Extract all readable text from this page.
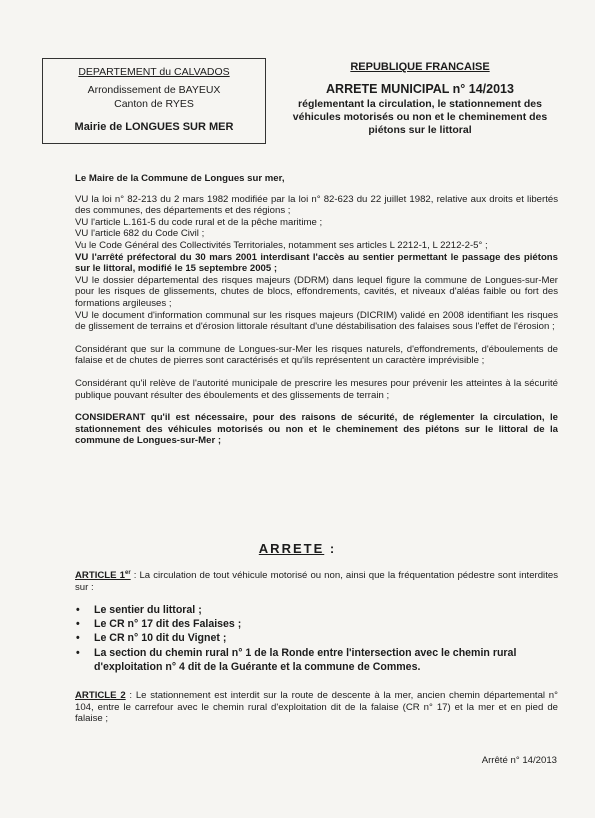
DEPARTEMENT du CALVADOS
Arrondissement de BAYEUX
Canton de RYES
Mairie de LONGUES SUR MER
REPUBLIQUE FRANCAISE
ARRETE MUNICIPAL n° 14/2013
réglementant la circulation, le stationnement des véhicules motorisés ou non et le cheminement des piétons sur le littoral

Le Maire de la Commune de Longues sur mer,

VU la loi n° 82-213 du 2 mars 1982 modifiée par la loi n° 82-623 du 22 juillet 1982, relative aux droits et libertés des communes, des départements et des régions ;

VU l'article L.161-5 du code rural et de la pêche maritime ;

VU l'article 682 du Code Civil ;

Vu le Code Général des Collectivités Territoriales, notamment ses articles L 2212-1, L 2212-2-5° ;

VU l'arrêté préfectoral du 30 mars 2001 interdisant l'accès au sentier permettant le passage des piétons sur le littoral, modifié le 15 septembre 2005 ;

VU le dossier départemental des risques majeurs (DDRM) dans lequel figure la commune de Longues-sur-Mer pour les risques de glissements, chutes de blocs, effondrements, cavités, et niveaux d'aléas faible ou fort des formations argileuses ;

VU le document d'information communal sur les risques majeurs (DICRIM) validé en 2008 identifiant les risques de glissement de terrains et d'érosion littorale résultant d'une déstabilisation des falaises sous l'effet de l'érosion ;

Considérant que sur la commune de Longues-sur-Mer les risques naturels, d'effondrements, d'éboulements de falaise et de chutes de pierres sont caractérisés et qu'ils représentent un caractère imprévisible ;

Considérant qu'il relève de l'autorité municipale de prescrire les mesures pour prévenir les atteintes à la sécurité publique pouvant résulter des éboulements et des glissements de terrain ;

CONSIDERANT qu'il est nécessaire, pour des raisons de sécurité, de réglementer la circulation, le stationnement des véhicules motorisés ou non et le cheminement des piétons sur le littoral de la commune de Longues-sur-Mer ;

ARRETE :
ARTICLE 1er : La circulation de tout véhicule motorisé ou non, ainsi que la fréquentation pédestre sont interdites sur :
• Le sentier du littoral ;
• Le CR n° 17 dit des Falaises ;
• Le CR n° 10 dit du Vignet ;
• La section du chemin rural n° 1 de la Ronde entre l'intersection avec le chemin rural d'exploitation n° 4 dit de la Guérante et la commune de Commes.
ARTICLE 2 : Le stationnement est interdit sur la route de descente à la mer, ancien chemin départemental n° 104, entre le carrefour avec le chemin rural d'exploitation dit de la falaise (CR n° 17) et la mer et en pied de falaise ;
Arrêté n° 14/2013
